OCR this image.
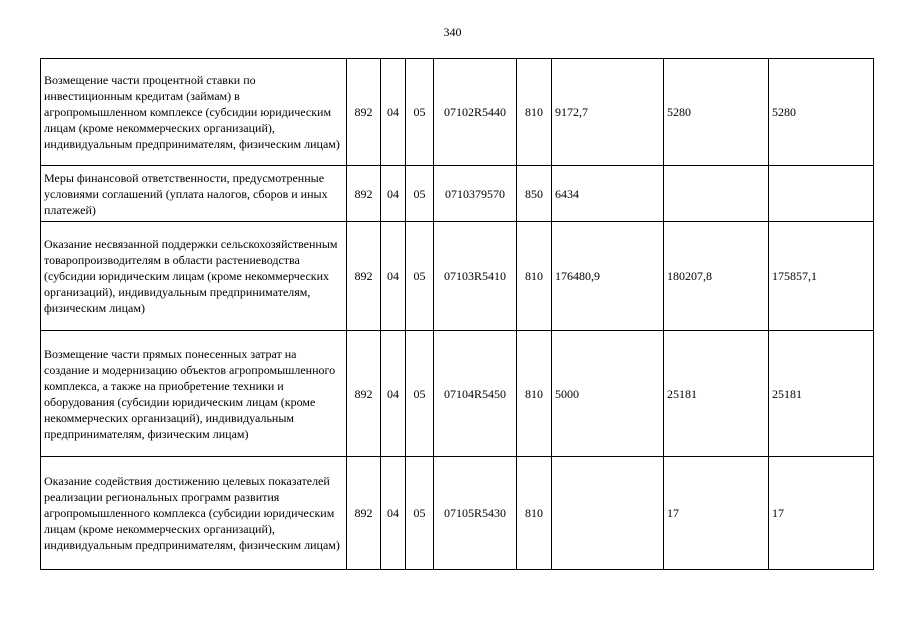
340
Возмещение части процентной ставки по инвестиционным кредитам (займам) в агропромышленном комплексе (субсидии юридическим лицам (кроме некоммерческих организаций), индивидуальным предпринимателям, физическим лицам)	892	04	05	07102R5440	810	9172,7	5280	5280
Меры финансовой ответственности, предусмотренные условиями соглашений (уплата налогов, сборов и иных платежей)	892	04	05	0710379570	850	6434		
Оказание несвязанной поддержки сельскохозяйственным товаропроизводителям в области растениеводства (субсидии юридическим лицам (кроме некоммерческих организаций), индивидуальным предпринимателям, физическим лицам)	892	04	05	07103R5410	810	176480,9	180207,8	175857,1
Возмещение части прямых понесенных затрат на создание и модернизацию объектов агропромышленного комплекса, а также на приобретение техники и оборудования (субсидии юридическим лицам (кроме некоммерческих организаций), индивидуальным предпринимателям, физическим лицам)	892	04	05	07104R5450	810	5000	25181	25181
Оказание содействия достижению целевых показателей реализации региональных программ развития агропромышленного комплекса (субсидии юридическим лицам (кроме некоммерческих организаций), индивидуальным предпринимателям, физическим лицам)	892	04	05	07105R5430	810		17	17
